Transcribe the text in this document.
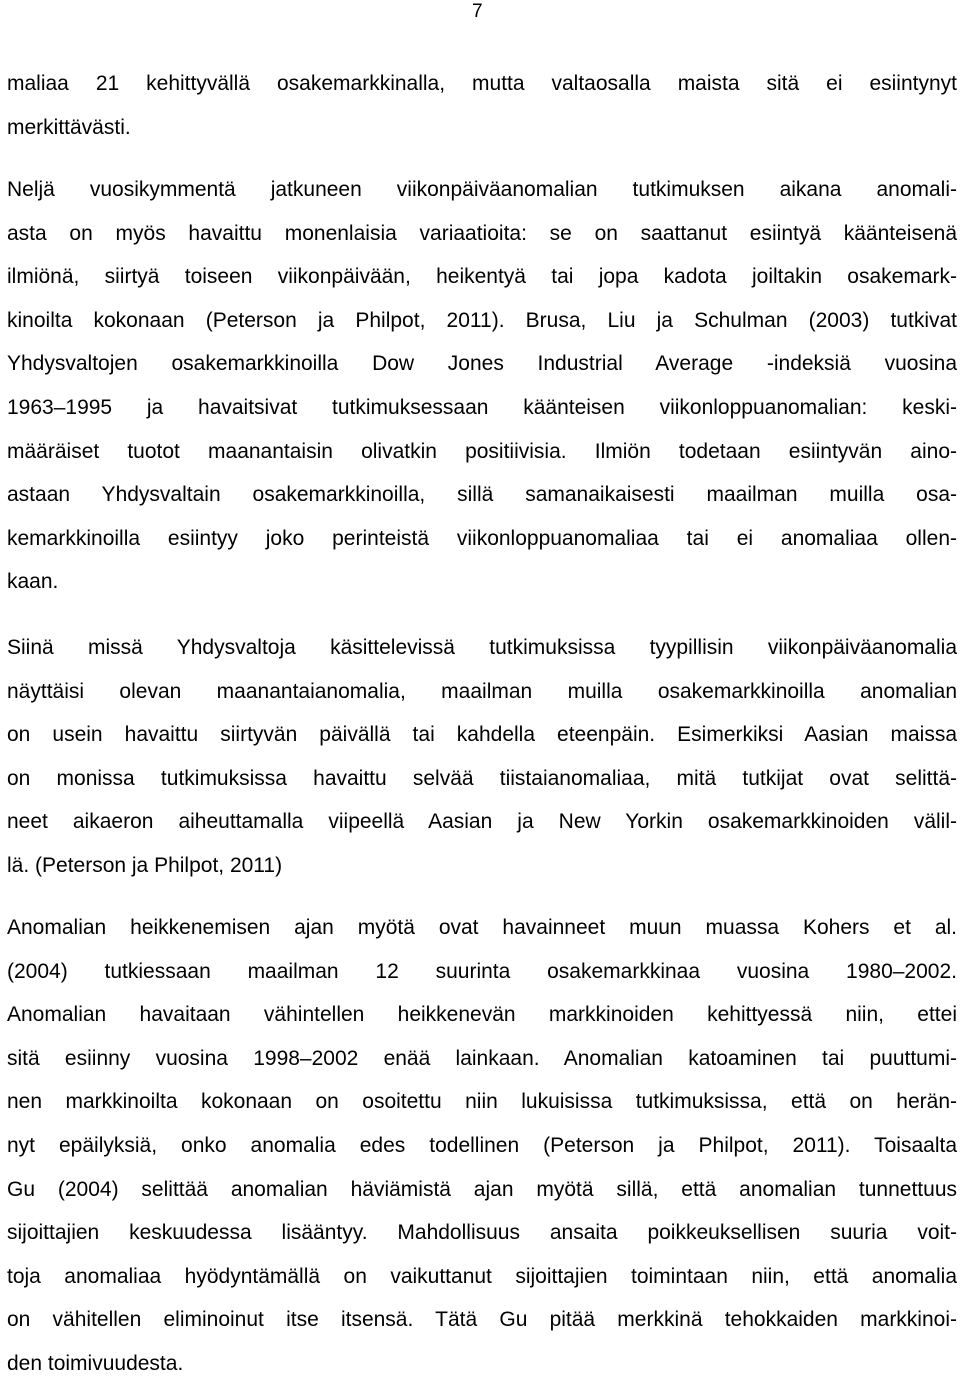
7
maliaa 21 kehittyvällä osakemarkkinalla, mutta valtaosalla maista sitä ei esiintynyt
merkittävästi.
Neljä vuosikymmentä jatkuneen viikonpäiväanomalian tutkimuksen aikana anomali-
asta on myös havaittu monenlaisia variaatioita: se on saattanut esiintyä käänteisenä
ilmiönä, siirtyä toiseen viikonpäivään, heikentyä tai jopa kadota joiltakin osakemark-
kinoilta kokonaan (Peterson ja Philpot, 2011). Brusa, Liu ja Schulman (2003) tutkivat
Yhdysvaltojen osakemarkkinoilla Dow Jones Industrial Average -indeksiä vuosina
1963–1995 ja havaitsivat tutkimuksessaan käänteisen viikonloppuanomalian: keski-
määräiset tuotot maanantaisin olivatkin positiivisia. Ilmiön todetaan esiintyvän aino-
astaan Yhdysvaltain osakemarkkinoilla, sillä samanaikaisesti maailman muilla osa-
kemarkkinoilla esiintyy joko perinteistä viikonloppuanomaliaa tai ei anomaliaa ollen-
kaan.
Siinä missä Yhdysvaltoja käsittelevissä tutkimuksissa tyypillisin viikonpäiväanomalia
näyttäisi olevan maanantaianomalia, maailman muilla osakemarkkinoilla anomalian
on usein havaittu siirtyvän päivällä tai kahdella eteenpäin. Esimerkiksi Aasian maissa
on monissa tutkimuksissa havaittu selvää tiistaianomaliaa, mitä tutkijat ovat selittä-
neet aikaeron aiheuttamalla viipeellä Aasian ja New Yorkin osakemarkkinoiden välil-
lä. (Peterson ja Philpot, 2011)
Anomalian heikkenemisen ajan myötä ovat havainneet muun muassa Kohers et al.
(2004) tutkiessaan maailman 12 suurinta osakemarkkinaa vuosina 1980–2002.
Anomalian havaitaan vähintellen heikkenevän markkinoiden kehittyessä niin, ettei
sitä esiinny vuosina 1998–2002 enää lainkaan. Anomalian katoaminen tai puuttumi-
nen markkinoilta kokonaan on osoitettu niin lukuisissa tutkimuksissa, että on herän-
nyt epäilyksiä, onko anomalia edes todellinen (Peterson ja Philpot, 2011). Toisaalta
Gu (2004) selittää anomalian häviämistä ajan myötä sillä, että anomalian tunnettuus
sijoittajien keskuudessa lisääntyy. Mahdollisuus ansaita poikkeuksellisen suuria voit-
toja anomaliaa hyödyntämällä on vaikuttanut sijoittajien toimintaan niin, että anomalia
on vähitellen eliminoinut itse itsensä. Tätä Gu pitää merkkinä tehokkaiden markkinoi-
den toimivuudesta.
